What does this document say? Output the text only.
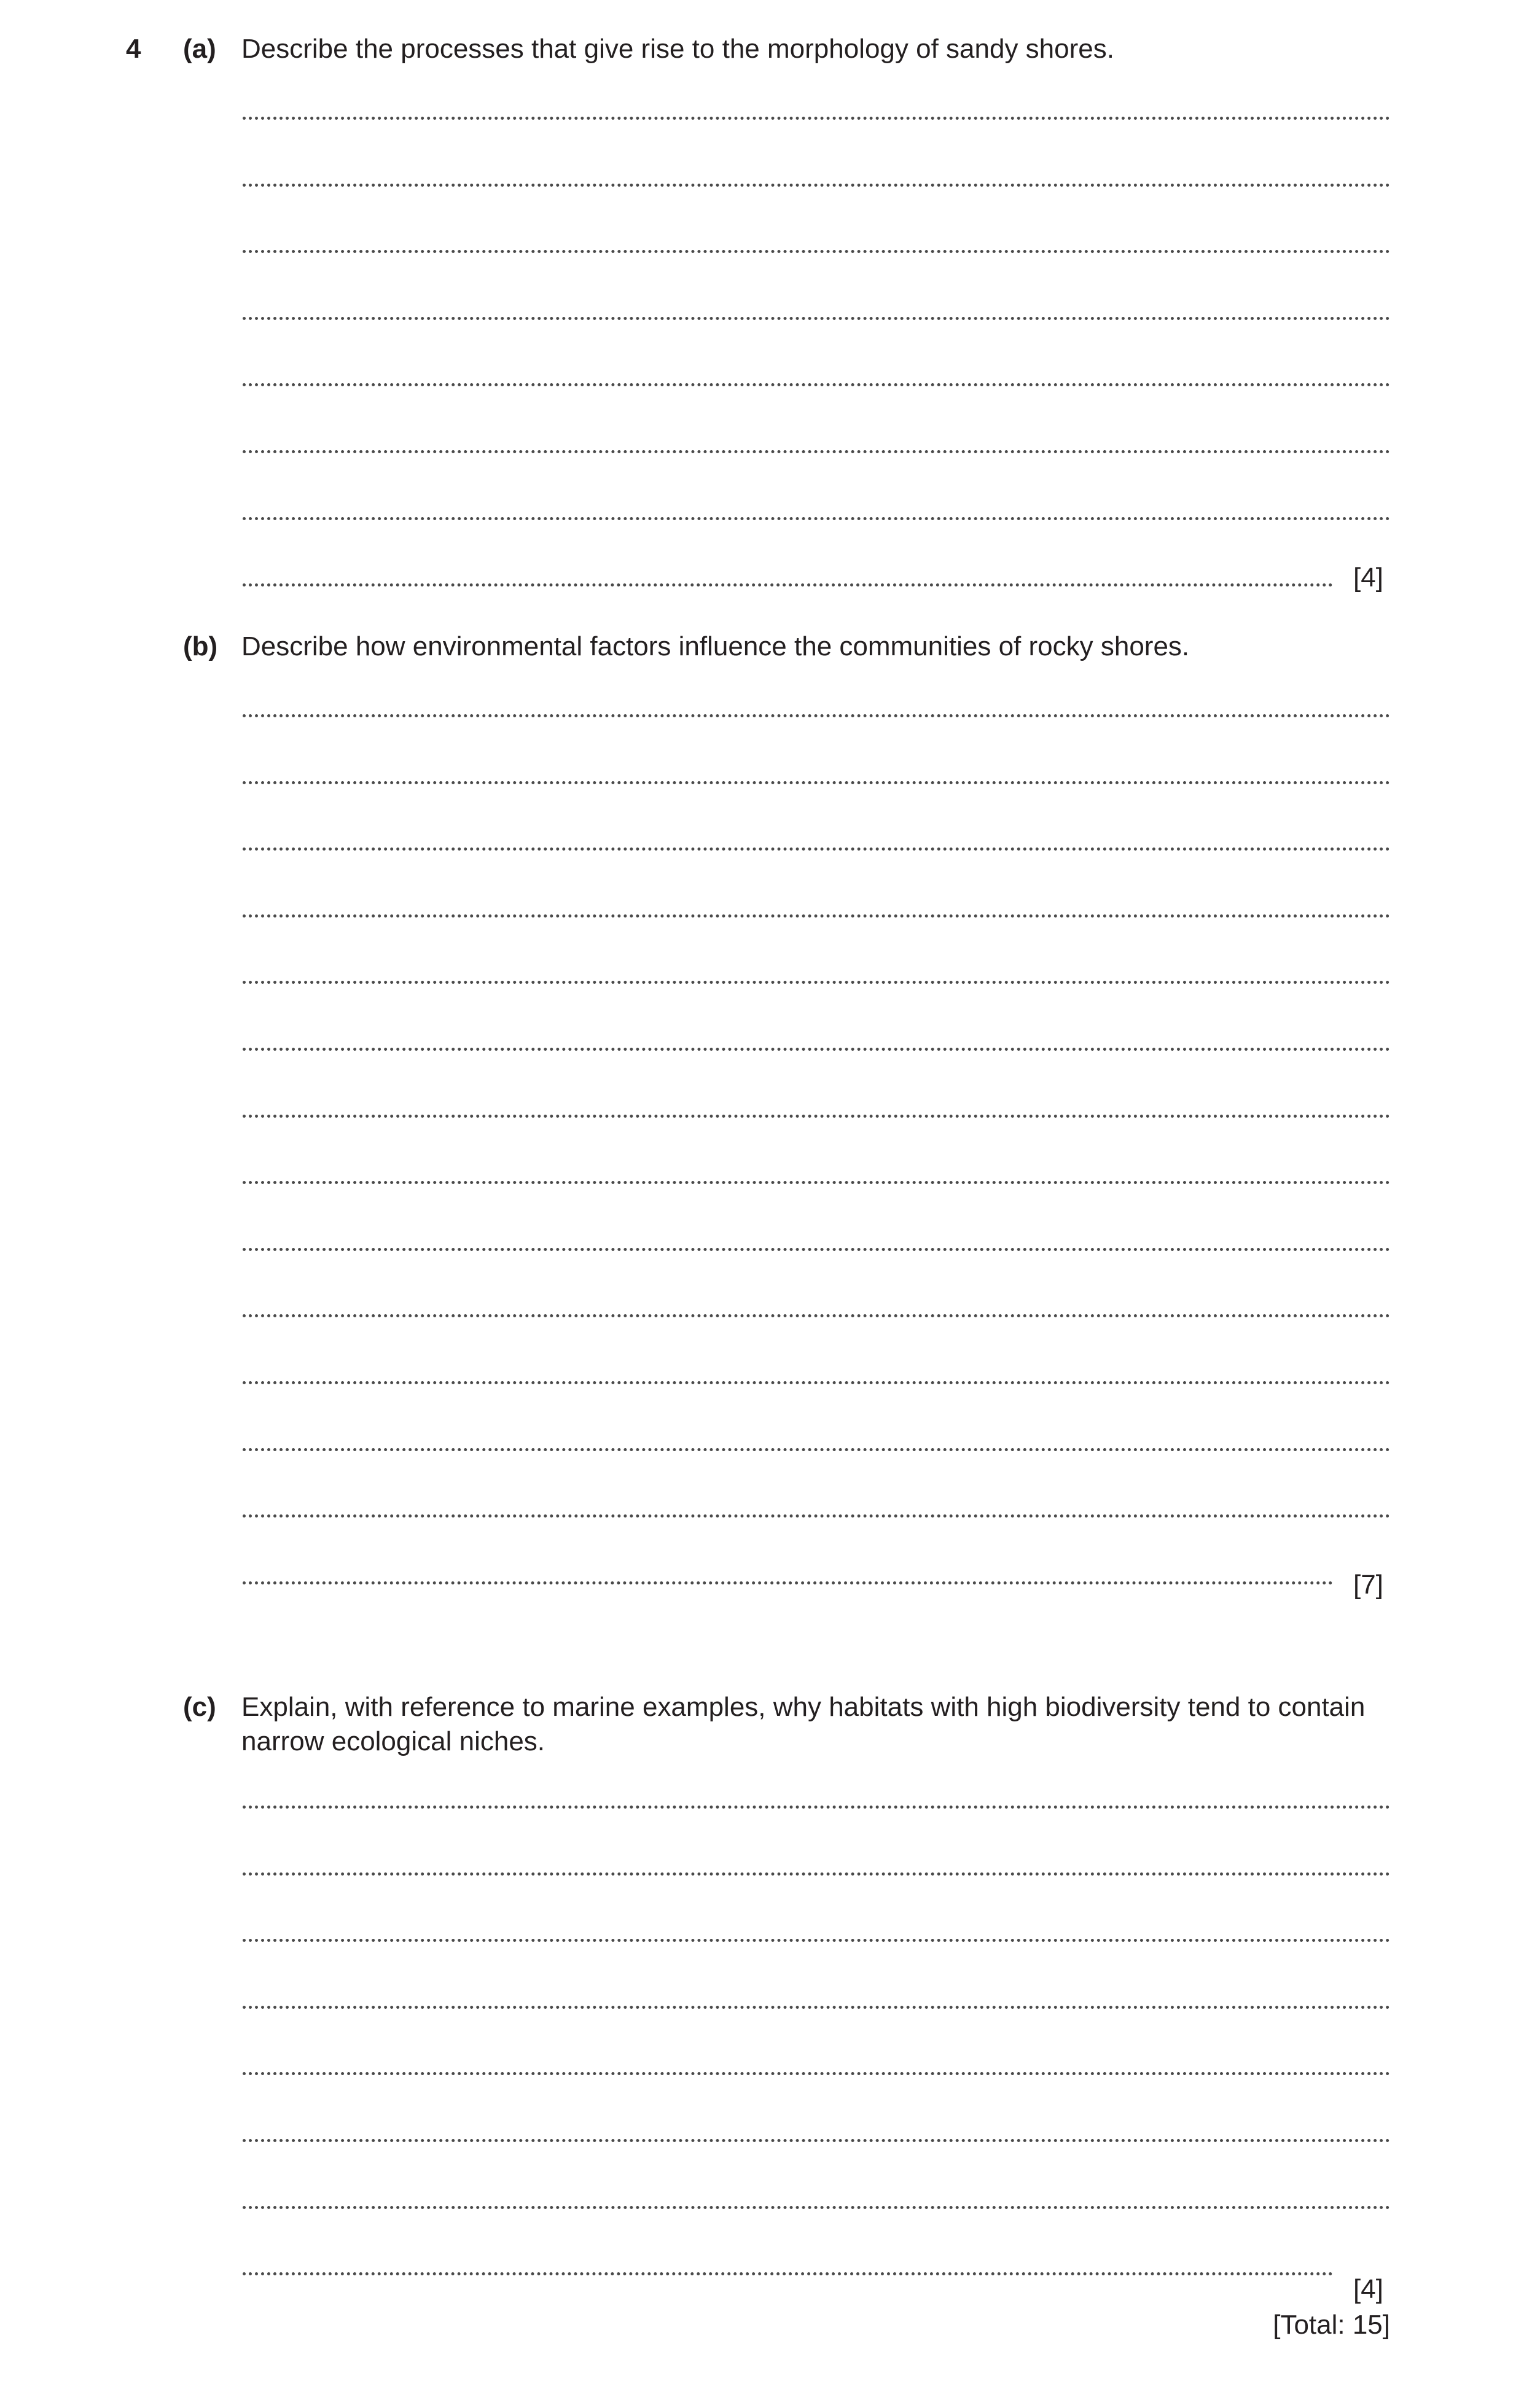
4 (a) Describe the processes that give rise to the morphology of sandy shores.
[4]
(b) Describe how environmental factors influence the communities of rocky shores.
[7]
(c) Explain, with reference to marine examples, why habitats with high biodiversity tend to contain narrow ecological niches.
[4]
[Total: 15]
